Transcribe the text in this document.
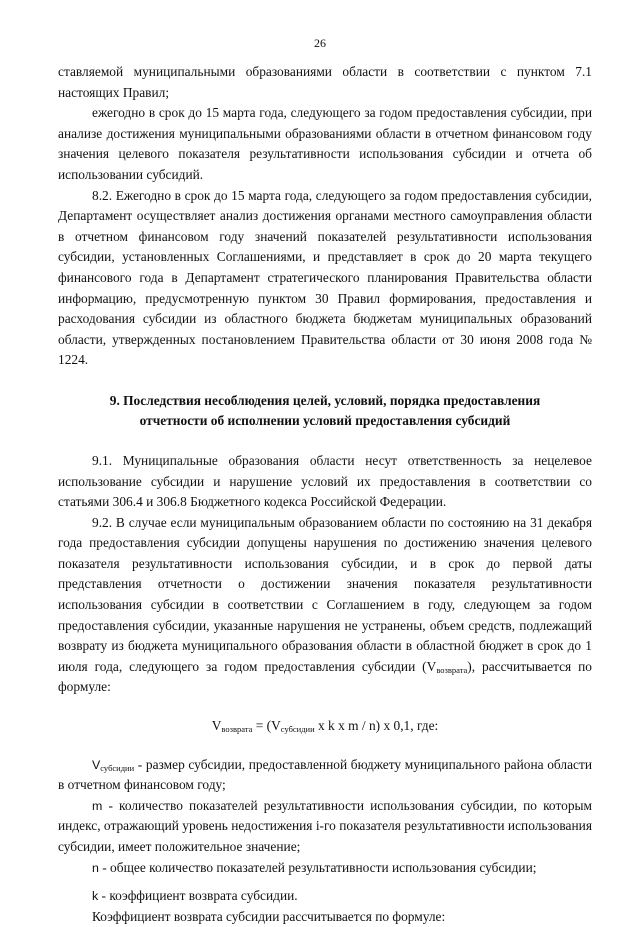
26

ставляемой муниципальными образованиями области в соответствии с пунктом 7.1 настоящих Правил;

ежегодно в срок до 15 марта года, следующего за годом предоставления субсидии, при анализе достижения муниципальными образованиями области в отчетном финансовом году значения целевого показателя результативности использования субсидии и отчета об использовании субсидий.

8.2. Ежегодно в срок до 15 марта года, следующего за годом предоставления субсидии, Департамент осуществляет анализ достижения органами местного самоуправления области в отчетном финансовом году значений показателей результативности использования субсидии, установленных Соглашениями, и представляет в срок до 20 марта текущего финансового года в Департамент стратегического планирования Правительства области информацию, предусмотренную пунктом 30 Правил формирования, предоставления и расходования субсидии из областного бюджета бюджетам муниципальных образований области, утвержденных постановлением Правительства области от 30 июня 2008 года № 1224.

9. Последствия несоблюдения целей, условий, порядка предоставления
отчетности об исполнении условий предоставления субсидий

9.1. Муниципальные образования области несут ответственность за нецелевое использование субсидии и нарушение условий их предоставления в соответствии со статьями 306.4 и 306.8 Бюджетного кодекса Российской Федерации.

9.2. В случае если муниципальным образованием области по состоянию на 31 декабря года предоставления субсидии допущены нарушения по достижению значения целевого показателя результативности использования субсидии, и в срок до первой даты представления отчетности о достижении значения показателя результативности использования субсидии в соответствии с Соглашением в году, следующем за годом предоставления субсидии, указанные нарушения не устранены, объем средств, подлежащий возврату из бюджета муниципального образования области в областной бюджет в срок до 1 июля года, следующего за годом предоставления субсидии $(V_{возврата})$, рассчитывается по формуле:

$V_{возврата} = (V_{субсидии}$ x k x m / n) x 0,1, где:

$V_{субсидии}$ - размер субсидии, предоставленной бюджету муниципального района области в отчетном финансовом году;

m - количество показателей результативности использования субсидии, по которым индекс, отражающий уровень недостижения i-го показателя результативности использования субсидии, имеет положительное значение;

n - общее количество показателей результативности использования субсидии;

k - коэффициент возврата субсидии.

Коэффициент возврата субсидии рассчитывается по формуле:
